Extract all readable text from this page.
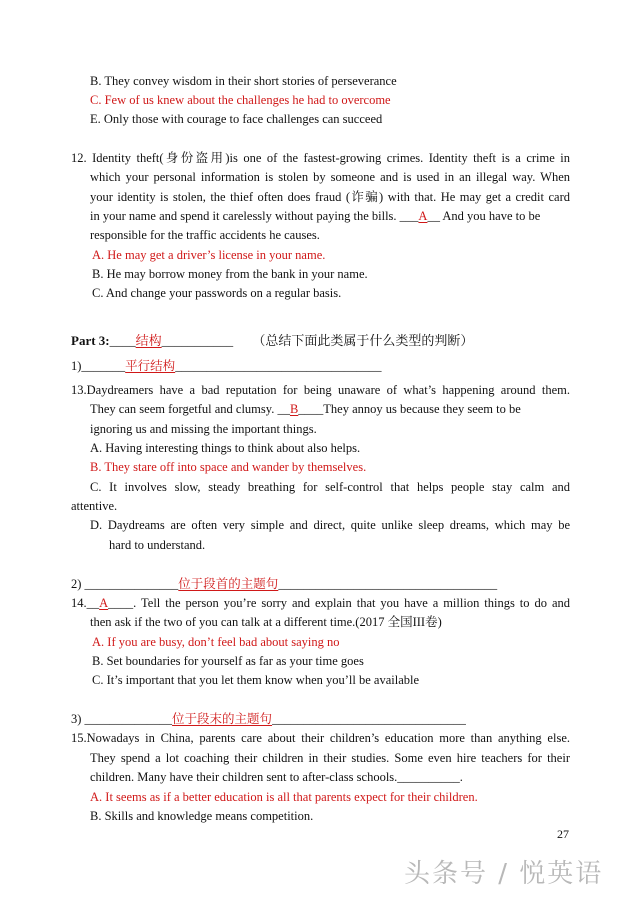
B. They convey wisdom in their short stories of perseverance
C. Few of us knew about the challenges he had to overcome
E. Only those with courage to face challenges can succeed
12. Identity theft(身份盗用)is one of the fastest-growing crimes. Identity theft is a crime in
which your personal information is stolen by someone and is used in an illegal way. When
your identity is stolen, the thief often does fraud (诈骗) with that. He may get a credit card
in your name and spend it carelessly without paying the bills. ___A__ And you have to be
responsible for the traffic accidents he causes.
A. He may get a driver’s license in your name.
B. He may borrow money from the bank in your name.
C. And change your passwords on a regular basis.
Part 3:____结构___________ （总结下面此类属于什么类型的判断）
1)_______平行结构_________________________________
13.Daydreamers have a bad reputation for being unaware of what’s happening around them.
They can seem forgetful and clumsy. __B____They annoy us because they seem to be
ignoring us and missing the important things.
A. Having interesting things to think about also helps.
B. They stare off into space and wander by themselves.
C. It involves slow, steady breathing for self-control that helps people stay calm and
attentive.
D. Daydreams are often very simple and direct, quite unlike sleep dreams, which may be
hard to understand.
2) _______________位于段首的主题句___________________________________
14.__A____. Tell the person you’re sorry and explain that you have a million things to do and
then ask if the two of you can talk at a different time.(2017 全国III卷)
A. If you are busy, don’t feel bad about saying no
B. Set boundaries for yourself as far as your time goes
C. It’s important that you let them know when you’ll be available
3) ______________位于段末的主题句_______________________________
15.Nowadays in China, parents care about their children’s education more than anything else.
They spend a lot coaching their children in their studies. Some even hire teachers for their
children. Many have their children sent to after-class schools.__________.
A. It seems as if a better education is all that parents expect for their children.
B. Skills and knowledge means competition.
27
头条号 / 悦英语
